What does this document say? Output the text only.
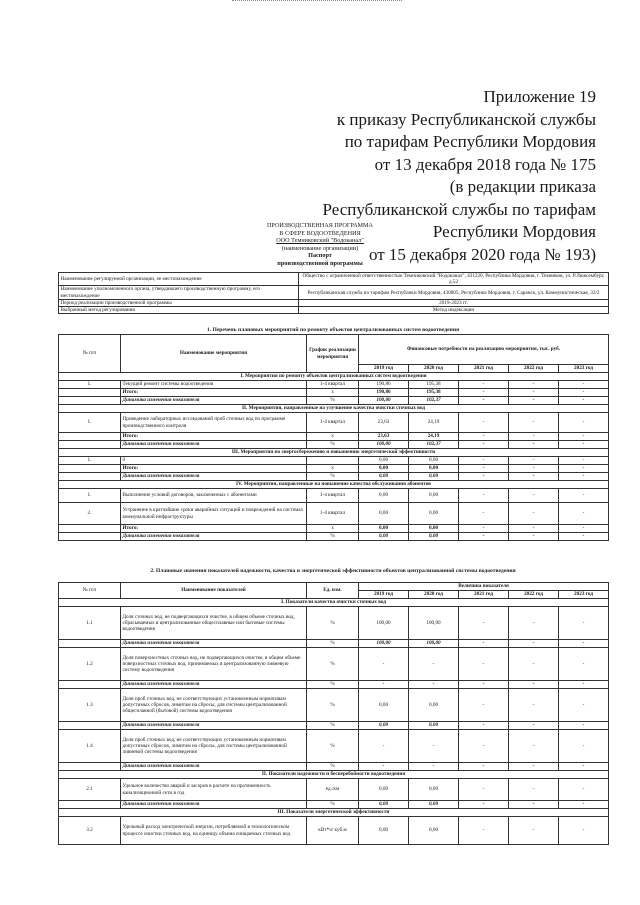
Приложение 19
к приказу Республиканской службы
по тарифам Республики Мордовия
от 13 декабря 2018 года № 175
(в редакции приказа
Республиканской службы по тарифам
Республики Мордовия
от 15 декабря 2020 года № 193)
ПРОИЗВОДСТВЕННАЯ ПРОГРАММА
В СФЕРЕ ВОДООТВЕДЕНИЯ
ООО Темниковский "Водоканал"
(наименование организации)
Паспорт
производственной программы
Наименование регулируемой организации, ее местонахождение	Общество с ограниченной ответственностью Темниковский "Водоканал", 431220, Республика Мордовия, г. Темников, ул. Р.Люксембург, д.52
Наименование уполномоченного органа, утвердившего производственную программу, его местонахождение	Республиканская служба по тарифам Республики Мордовия, 430005, Республика Мордовия, г. Саранск, ул. Коммунистическая, 33/2
Период реализации производственной программы	2019-2023 гг.
Выбранный метод регулирования	Метод индексации
1. Перечень плановых мероприятий по ремонту объектов централизованных систем водоотведения
№ п/п	Наименование мероприятия	График реализации мероприятия	Финансовые потребности на реализацию мероприятия, тыс. руб.				
			2019 год	2020 год	2021 год	2022 год	2023 год
I. Мероприятия по ремонту объектов централизованных систем водоотведения							
1.	Текущий ремонт системы водоотведения	1-4 квартал	190,86	195,38	-	-	-
	Итого:	х	190,86	195,38	-	-	-
	Динамика изменения показателя	%	100,00	102,37	-	-	-
II. Мероприятия, направленные на улучшение качества очистки сточных вод							
1.	Проведение лабораторных исследований проб сточных вод по программе производственного контроля	1-4 квартал	23,63	24,19	-	-	-
	Итого:	х	23,63	24,19	-	-	-
	Динамика изменения показателя	%	100,00	102,37	-	-	-
III. Мероприятия по энергосбережению и повышению энергетической эффективности							
1.	0		0,00	0,00	-	-	-
	Итого:	х	0,00	0,00	-	-	-
	Динамика изменения показателя	%	0,00	0,00	-	-	-
IV. Мероприятия, направленные на повышение качества обслуживания абонентов							
1.	Выполнение условий договоров, заключенных с абонентами	1-4 квартал	0,00	0,00	-	-	-
2.	Устранение в кратчайшие сроки аварийных ситуаций и повреждений на системах коммунальной инфраструктуры	1-4 квартал	0,00	0,00	-	-	-
	Итого:	х	0,00	0,00	-	-	-
	Динамика изменения показателя	%	0,00	0,00	-	-	-
2. Плановые значения показателей надежности, качества и энергетической эффективности объектов централизованной системы водоотведения
№ п/п	Наименование показателей	Ед. изм.	Величина показателя				
			2019 год	2020 год	2021 год	2022 год	2023 год
I. Показатели качества очистки сточных вод							
1.1	Доля сточных вод, не подвергающихся очистке, в общем объеме сточных вод, сбрасываемых в централизованные общесплавные или бытовые системы водоотведения	%	100,00	100,00	-	-	-
	Динамика изменения показателя	%	100,00	100,00	-	-	-
1.2	Доля поверхностных сточных вод, не подвергающихся очистке, в общем объеме поверхностных сточных вод, принимаемых в централизованную ливневую систему водоотведения	%	-	-	-	-	-
	Динамика изменения показателя	%	-	-	-	-	-
1.3	Доля проб сточных вод, не соответствующих установленным нормативам допустимых сбросов, лимитам на сбросы, для системы централизованной общесплавной (бытовой) системы водоотведения	%	0,00	0,00	-	-	-
	Динамика изменения показателя	%	0,00	0,00	-	-	-
1.4	Доля проб сточных вод, не соответствующих установленным нормативам допустимых сбросов, лимитам на сбросы, для системы централизованной ливневой системы водоотведения	%	-	-	-	-	-
	Динамика изменения показателя	%	-	-	-	-	-
II. Показатели надежности и бесперебойности водоотведения							
2.1	Удельное количество аварий и засоров в расчете на протяженность канализационной сети в год	ед./км	0,00	0,00	-	-	-
	Динамика изменения показателя	%	0,00	0,00	-	-	-
III. Показатели энергетической эффективности							
3.2	Удельный расход электрической энергии, потребляемой в технологическом процессе очистки сточных вод, на единицу объема очищаемых сточных вод	кВт*ч/ куб.м	0,00	0,00	-	-	-
